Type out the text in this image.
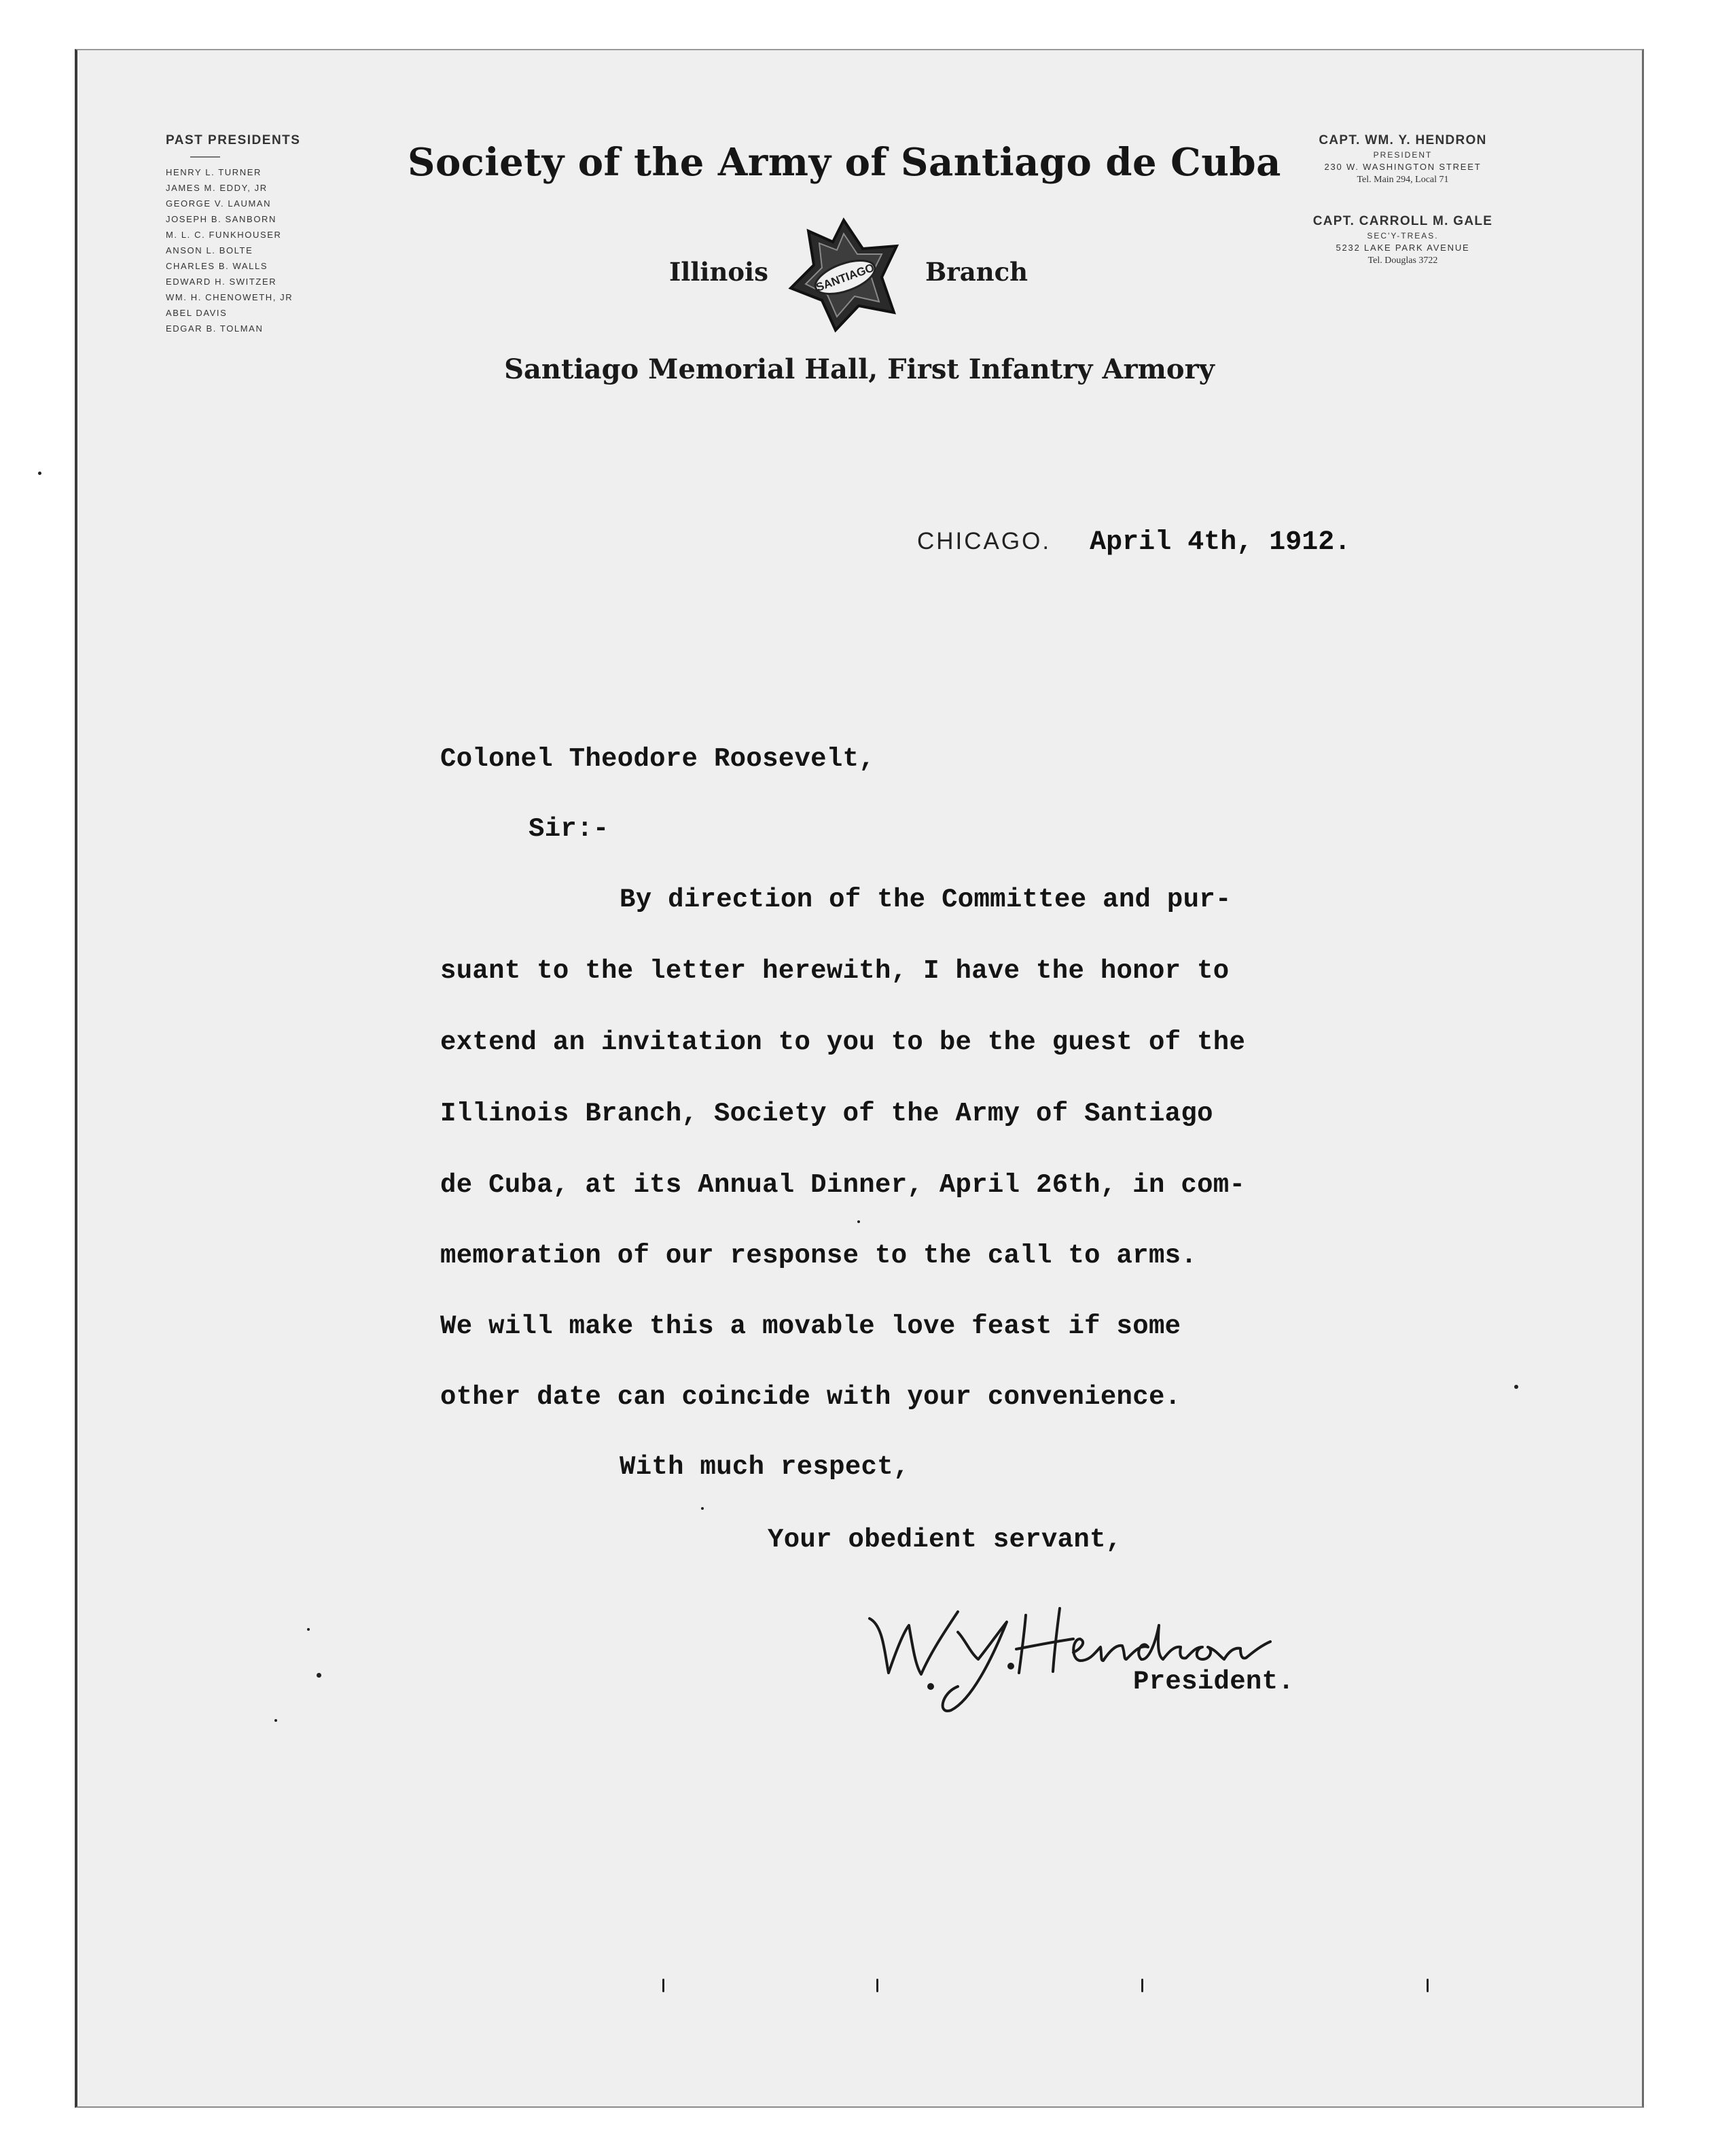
PAST PRESIDENTS
HENRY L. TURNER
JAMES M. EDDY, JR
GEORGE V. LAUMAN
JOSEPH B. SANBORN
M. L. C. FUNKHOUSER
ANSON L. BOLTE
CHARLES B. WALLS
EDWARD H. SWITZER
WM. H. CHENOWETH, JR
ABEL DAVIS
EDGAR B. TOLMAN
Society of the Army of Santiago de Cuba
Illinois	SANTIAGO Branch
Santiago Memorial Hall, First Infantry Armory
CAPT. WM. Y. HENDRON
PRESIDENT
230 W. WASHINGTON STREET
Tel. Main 294, Local 71
CAPT. CARROLL M. GALE
SEC'Y-TREAS.
5232 LAKE PARK AVENUE
Tel. Douglas 3722
CHICAGO. April 4th, 1912.
Colonel Theodore Roosevelt,
Sir:-
By direction of the Committee and pur-
suant to the letter herewith, I have the honor to
extend an invitation to you to be the guest of the
Illinois Branch, Society of the Army of Santiago
de Cuba, at its Annual Dinner, April 26th, in com-
memoration of our response to the call to arms.
We will make this a movable love feast if some
other date can coincide with your convenience.
With much respect,
Your obedient servant,
President.
